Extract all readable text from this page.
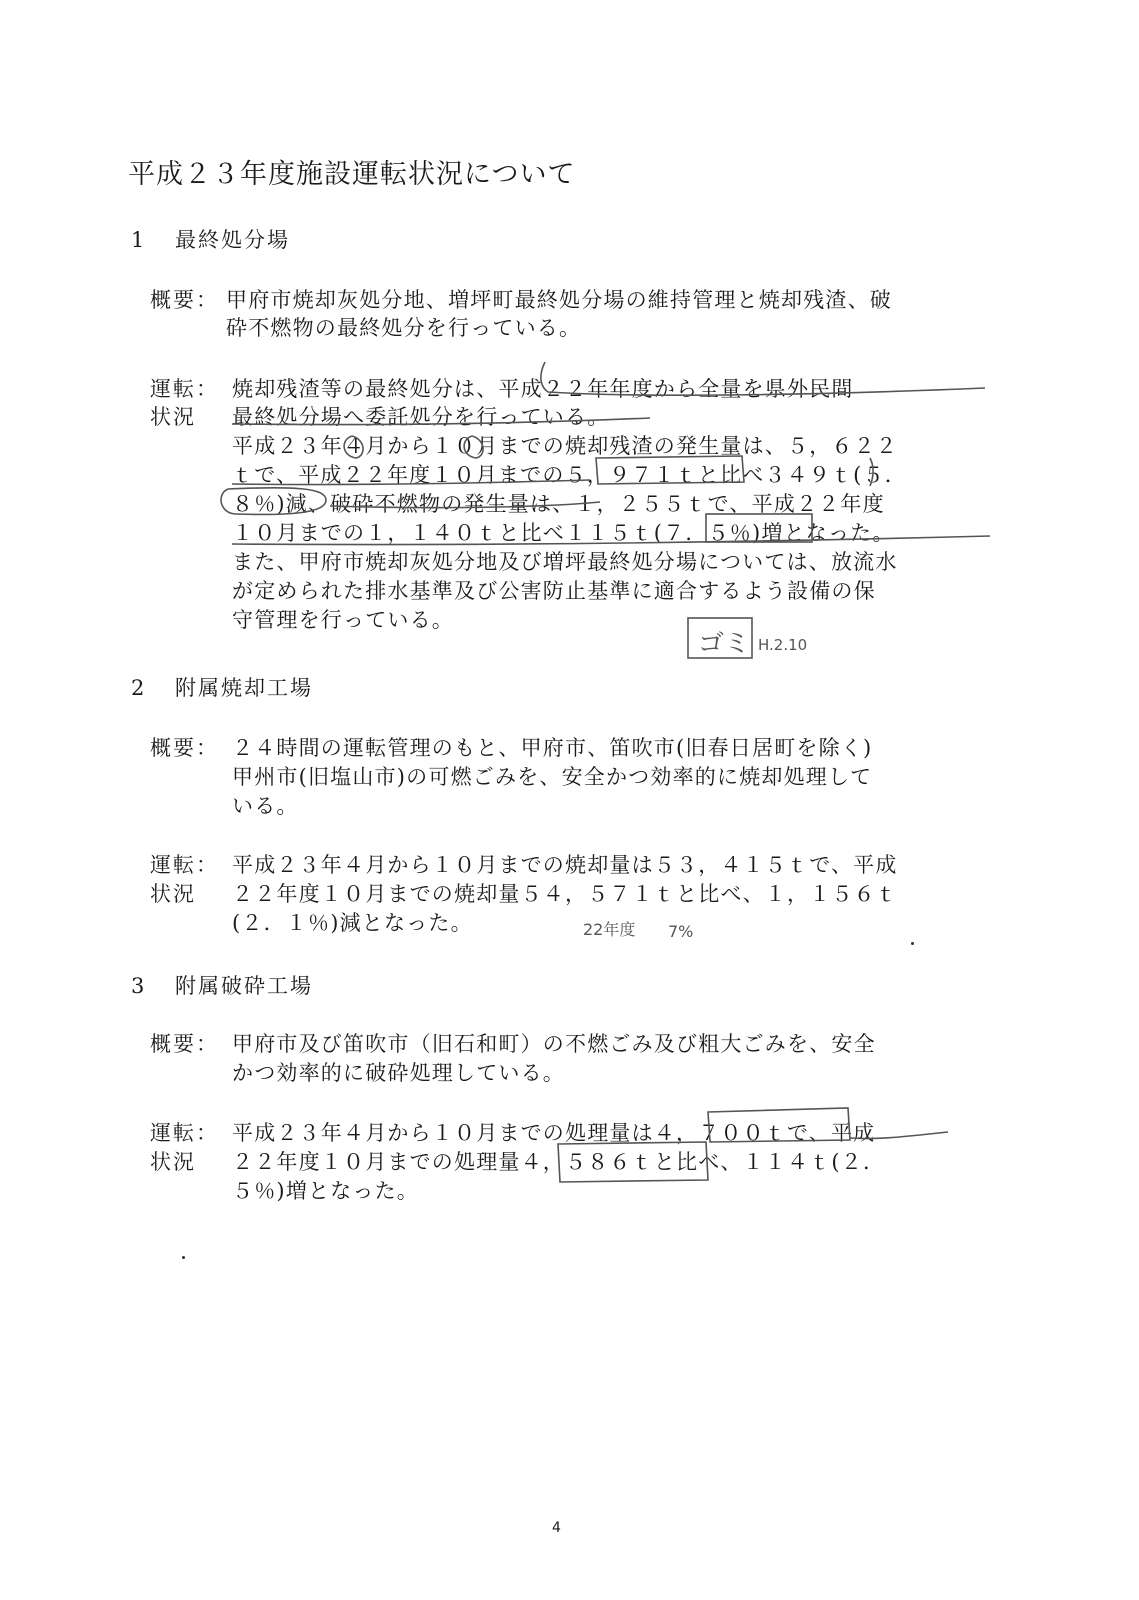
平成２３年度施設運転状況について
1 最終処分場
概要： 甲府市焼却灰処分地、増坪町最終処分場の維持管理と焼却残渣、破
砕不燃物の最終処分を行っている。
運転：
状況
焼却残渣等の最終処分は、平成２２年年度から全量を県外民間
最終処分場へ委託処分を行っている。
平成２３年４月から１０月までの焼却残渣の発生量は、５，６２２
ｔで、平成２２年度１０月までの５，９７１ｔと比べ３４９ｔ(５．
８％)減、破砕不燃物の発生量は、１，２５５ｔで、平成２２年度
１０月までの１，１４０ｔと比べ１１５ｔ(７．５％)増となった。
また、甲府市焼却灰処分地及び増坪最終処分場については、放流水
が定められた排水基準及び公害防止基準に適合するよう設備の保
守管理を行っている。
2 附属焼却工場
概要： ２４時間の運転管理のもと、甲府市、笛吹市(旧春日居町を除く)
甲州市(旧塩山市)の可燃ごみを、安全かつ効率的に焼却処理して
いる。
運転：
状況
平成２３年４月から１０月までの焼却量は５３，４１５ｔで、平成
２２年度１０月までの焼却量５４，５７１ｔと比べ、１，１５６ｔ
(２．１％)減となった。
3 附属破砕工場
概要： 甲府市及び笛吹市（旧石和町）の不燃ごみ及び粗大ごみを、安全
かつ効率的に破砕処理している。
運転：
状況
平成２３年４月から１０月までの処理量は４，７００ｔで、平成
２２年度１０月までの処理量４，５８６ｔと比べ、１１４ｔ(２．
５％)増となった。
ゴミ H.2.10
22年度 7%
4
